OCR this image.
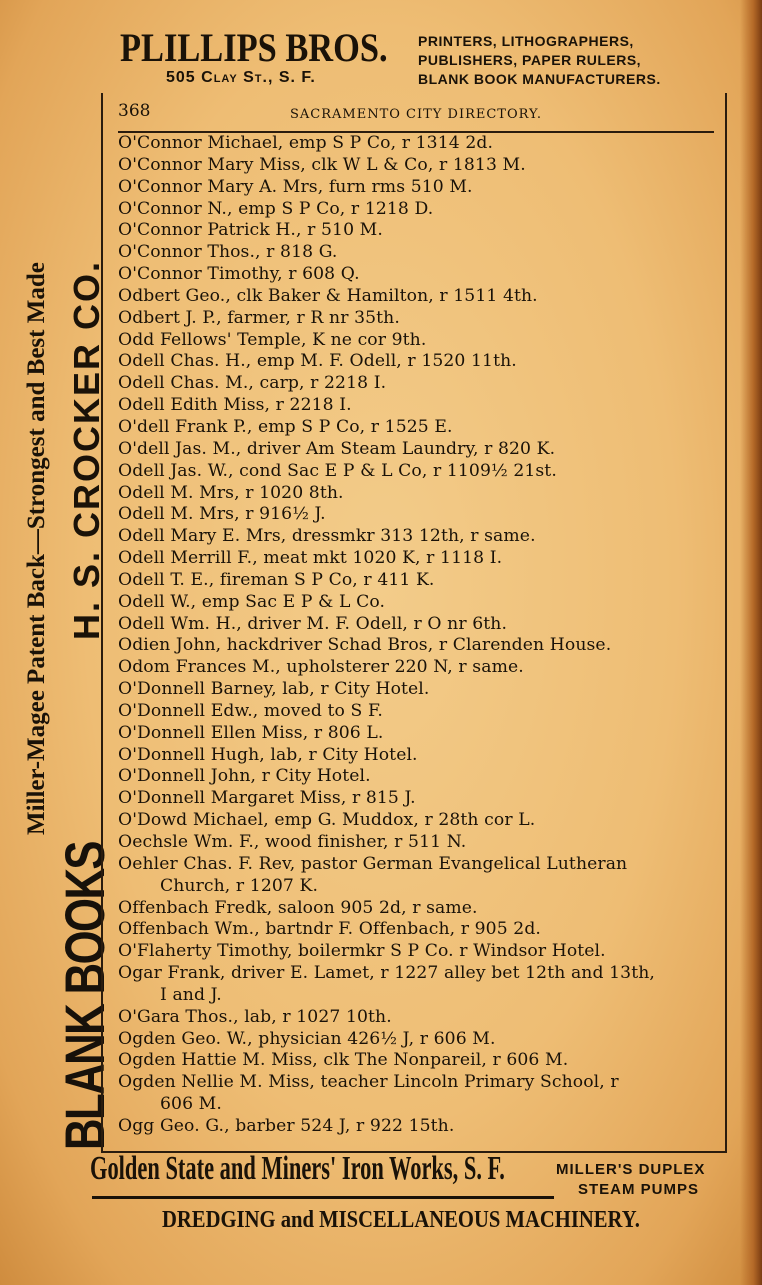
BLANK BOOKS
Miller-Magee Patent Back—Strongest and Best Made H. S. CROCKER CO.
PLILLIPS BROS.
505 Clay St., S. F.
PRINTERS, LITHOGRAPHERS,
PUBLISHERS, PAPER RULERS,
BLANK BOOK MANUFACTURERS.
368	SACRAMENTO CITY DIRECTORY.
O'Connor Michael, emp S P Co, r 1314 2d.
O'Connor Mary Miss, clk W L & Co, r 1813 M.
O'Connor Mary A. Mrs, furn rms 510 M.
O'Connor N., emp S P Co, r 1218 D.
O'Connor Patrick H., r 510 M.
O'Connor Thos., r 818 G.
O'Connor Timothy, r 608 Q.
Odbert Geo., clk Baker & Hamilton, r 1511 4th.
Odbert J. P., farmer, r R nr 35th.
Odd Fellows' Temple, K ne cor 9th.
Odell Chas. H., emp M. F. Odell, r 1520 11th.
Odell Chas. M., carp, r 2218 I.
Odell Edith Miss, r 2218 I.
O'dell Frank P., emp S P Co, r 1525 E.
O'dell Jas. M., driver Am Steam Laundry, r 820 K.
Odell Jas. W., cond Sac E P & L Co, r 1109½ 21st.
Odell M. Mrs, r 1020 8th.
Odell M. Mrs, r 916½ J.
Odell Mary E. Mrs, dressmkr 313 12th, r same.
Odell Merrill F., meat mkt 1020 K, r 1118 I.
Odell T. E., fireman S P Co, r 411 K.
Odell W., emp Sac E P & L Co.
Odell Wm. H., driver M. F. Odell, r O nr 6th.
Odien John, hackdriver Schad Bros, r Clarenden House.
Odom Frances M., upholsterer 220 N, r same.
O'Donnell Barney, lab, r City Hotel.
O'Donnell Edw., moved to S F.
O'Donnell Ellen Miss, r 806 L.
O'Donnell Hugh, lab, r City Hotel.
O'Donnell John, r City Hotel.
O'Donnell Margaret Miss, r 815 J.
O'Dowd Michael, emp G. Muddox, r 28th cor L.
Oechsle Wm. F., wood finisher, r 511 N.
Oehler Chas. F. Rev, pastor German Evangelical Lutheran
Church, r 1207 K.
Offenbach Fredk, saloon 905 2d, r same.
Offenbach Wm., bartndr F. Offenbach, r 905 2d.
O'Flaherty Timothy, boilermkr S P Co. r Windsor Hotel.
Ogar Frank, driver E. Lamet, r 1227 alley bet 12th and 13th,
I and J.
O'Gara Thos., lab, r 1027 10th.
Ogden Geo. W., physician 426½ J, r 606 M.
Ogden Hattie M. Miss, clk The Nonpareil, r 606 M.
Ogden Nellie M. Miss, teacher Lincoln Primary School, r
606 M.
Ogg Geo. G., barber 524 J, r 922 15th.
Golden State and Miners' Iron Works, S. F.	MILLER'S DUPLEX
STEAM PUMPS
DREDGING and MISCELLANEOUS MACHINERY.
